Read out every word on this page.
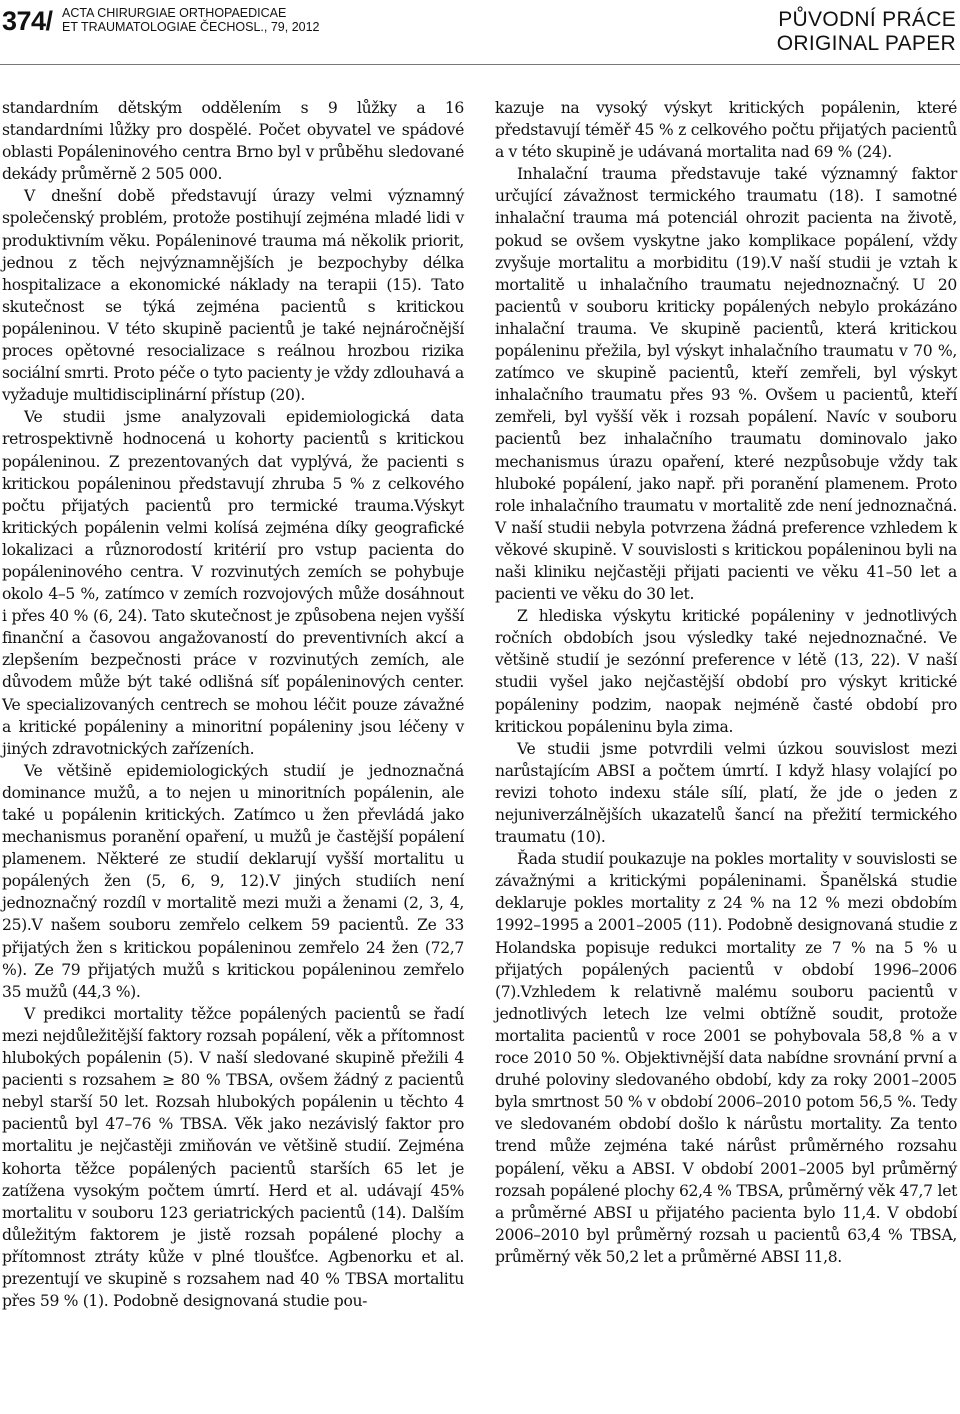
374/ ACTA CHIRURGIAE ORTHOPAEDICAE
ET TRAUMATOLOGIAE ČECHOSL., 79, 2012	PŮVODNÍ PRÁCE
ORIGINAL PAPER

standardním dětským oddělením s 9 lůžky a 16 standardními lůžky pro dospělé. Počet obyvatel ve spádové oblasti Popáleninového centra Brno byl v průběhu sledované dekády průměrně 2 505 000.

V dnešní době představují úrazy velmi významný společenský problém, protože postihují zejména mladé lidi v produktivním věku. Popáleninové trauma má několik priorit, jednou z těch nejvýznamnějších je bezpochyby délka hospitalizace a ekonomické náklady na terapii (15). Tato skutečnost se týká zejména pacientů s kritickou popáleninou. V této skupině pacientů je také nejnáročnější proces opětovné resocializace s reálnou hrozbou rizika sociální smrti. Proto péče o tyto pacienty je vždy zdlouhavá a vyžaduje multidisciplinární přístup (20).

Ve studii jsme analyzovali epidemiologická data retrospektivně hodnocená u kohorty pacientů s kritickou popáleninou. Z prezentovaných dat vyplývá, že pacienti s kritickou popáleninou představují zhruba 5 % z celkového počtu přijatých pacientů pro termické trauma.Výskyt kritických popálenin velmi kolísá zejména díky geografické lokalizaci a různorodostí kritérií pro vstup pacienta do popáleninového centra. V rozvinutých zemích se pohybuje okolo 4–5 %, zatímco v zemích rozvojových může dosáhnout i přes 40 % (6, 24). Tato skutečnost je způsobena nejen vyšší finanční a časovou angažovaností do preventivních akcí a zlepšením bezpečnosti práce v rozvinutých zemích, ale důvodem může být také odlišná síť popáleninových center. Ve specializovaných centrech se mohou léčit pouze závažné a kritické popáleniny a minoritní popáleniny jsou léčeny v jiných zdravotnických zařízeních.

Ve většině epidemiologických studií je jednoznačná dominance mužů, a to nejen u minoritních popálenin, ale také u popálenin kritických. Zatímco u žen převládá jako mechanismus poranění opaření, u mužů je častější popálení plamenem. Některé ze studií deklarují vyšší mortalitu u popálených žen (5, 6, 9, 12).V jiných studiích není jednoznačný rozdíl v mortalitě mezi muži a ženami (2, 3, 4, 25).V našem souboru zemřelo celkem 59 pacientů. Ze 33 přijatých žen s kritickou popáleninou zemřelo 24 žen (72,7 %). Ze 79 přijatých mužů s kritickou popáleninou zemřelo 35 mužů (44,3 %).

V predikci mortality těžce popálených pacientů se řadí mezi nejdůležitější faktory rozsah popálení, věk a přítomnost hlubokých popálenin (5). V naší sledované skupině přežili 4 pacienti s rozsahem ≥ 80 % TBSA, ovšem žádný z pacientů nebyl starší 50 let. Rozsah hlubokých popálenin u těchto 4 pacientů byl 47–76 % TBSA. Věk jako nezávislý faktor pro mortalitu je nejčastěji zmiňován ve většině studií. Zejména kohorta těžce popálených pacientů starších 65 let je zatížena vysokým počtem úmrtí. Herd et al. udávají 45% mortalitu v souboru 123 geriatrických pacientů (14). Dalším důležitým faktorem je jistě rozsah popálené plochy a přítomnost ztráty kůže v plné tloušťce. Agbenorku et al. prezentují ve skupině s rozsahem nad 40 % TBSA mortalitu přes 59 % (1). Podobně designovaná studie pou-

kazuje na vysoký výskyt kritických popálenin, které představují téměř 45 % z celkového počtu přijatých pacientů a v této skupině je udávaná mortalita nad 69 % (24).

Inhalační trauma představuje také významný faktor určující závažnost termického traumatu (18). I samotné inhalační trauma má potenciál ohrozit pacienta na životě, pokud se ovšem vyskytne jako komplikace popálení, vždy zvyšuje mortalitu a morbiditu (19).V naší studii je vztah k mortalitě u inhalačního traumatu nejednoznačný. U 20 pacientů v souboru kriticky popálených nebylo prokázáno inhalační trauma. Ve skupině pacientů, která kritickou popáleninu přežila, byl výskyt inhalačního traumatu v 70 %, zatímco ve skupině pacientů, kteří zemřeli, byl výskyt inhalačního traumatu přes 93 %. Ovšem u pacientů, kteří zemřeli, byl vyšší věk i rozsah popálení. Navíc v souboru pacientů bez inhalačního traumatu dominovalo jako mechanismus úrazu opaření, které nezpůsobuje vždy tak hluboké popálení, jako např. při poranění plamenem. Proto role inhalačního traumatu v mortalitě zde není jednoznačná. V naší studii nebyla potvrzena žádná preference vzhledem k věkové skupině. V souvislosti s kritickou popáleninou byli na naši kliniku nejčastěji přijati pacienti ve věku 41–50 let a pacienti ve věku do 30 let.

Z hlediska výskytu kritické popáleniny v jednotlivých ročních obdobích jsou výsledky také nejednoznačné. Ve většině studií je sezónní preference v létě (13, 22). V naší studii vyšel jako nejčastější období pro výskyt kritické popáleniny podzim, naopak nejméně časté období pro kritickou popáleninu byla zima.

Ve studii jsme potvrdili velmi úzkou souvislost mezi narůstajícím ABSI a počtem úmrtí. I když hlasy volající po revizi tohoto indexu stále sílí, platí, že jde o jeden z nejuniverzálnějších ukazatelů šancí na přežití termického traumatu (10).

Řada studií poukazuje na pokles mortality v souvislosti se závažnými a kritickými popáleninami. Španělská studie deklaruje pokles mortality z 24 % na 12 % mezi obdobím 1992–1995 a 2001–2005 (11). Podobně designovaná studie z Holandska popisuje redukci mortality ze 7 % na 5 % u přijatých popálených pacientů v období 1996–2006 (7).Vzhledem k relativně malému souboru pacientů v jednotlivých letech lze velmi obtížně soudit, protože mortalita pacientů v roce 2001 se pohybovala 58,8 % a v roce 2010 50 %. Objektivnější data nabídne srovnání první a druhé poloviny sledovaného období, kdy za roky 2001–2005 byla smrtnost 50 % v období 2006–2010 potom 56,5 %. Tedy ve sledovaném období došlo k nárůstu mortality. Za tento trend může zejména také nárůst průměrného rozsahu popálení, věku a ABSI. V období 2001–2005 byl průměrný rozsah popálené plochy 62,4 % TBSA, průměrný věk 47,7 let a průměrné ABSI u přijatého pacienta bylo 11,4. V období 2006–2010 byl průměrný rozsah u pacientů 63,4 % TBSA, průměrný věk 50,2 let a průměrné ABSI 11,8.
